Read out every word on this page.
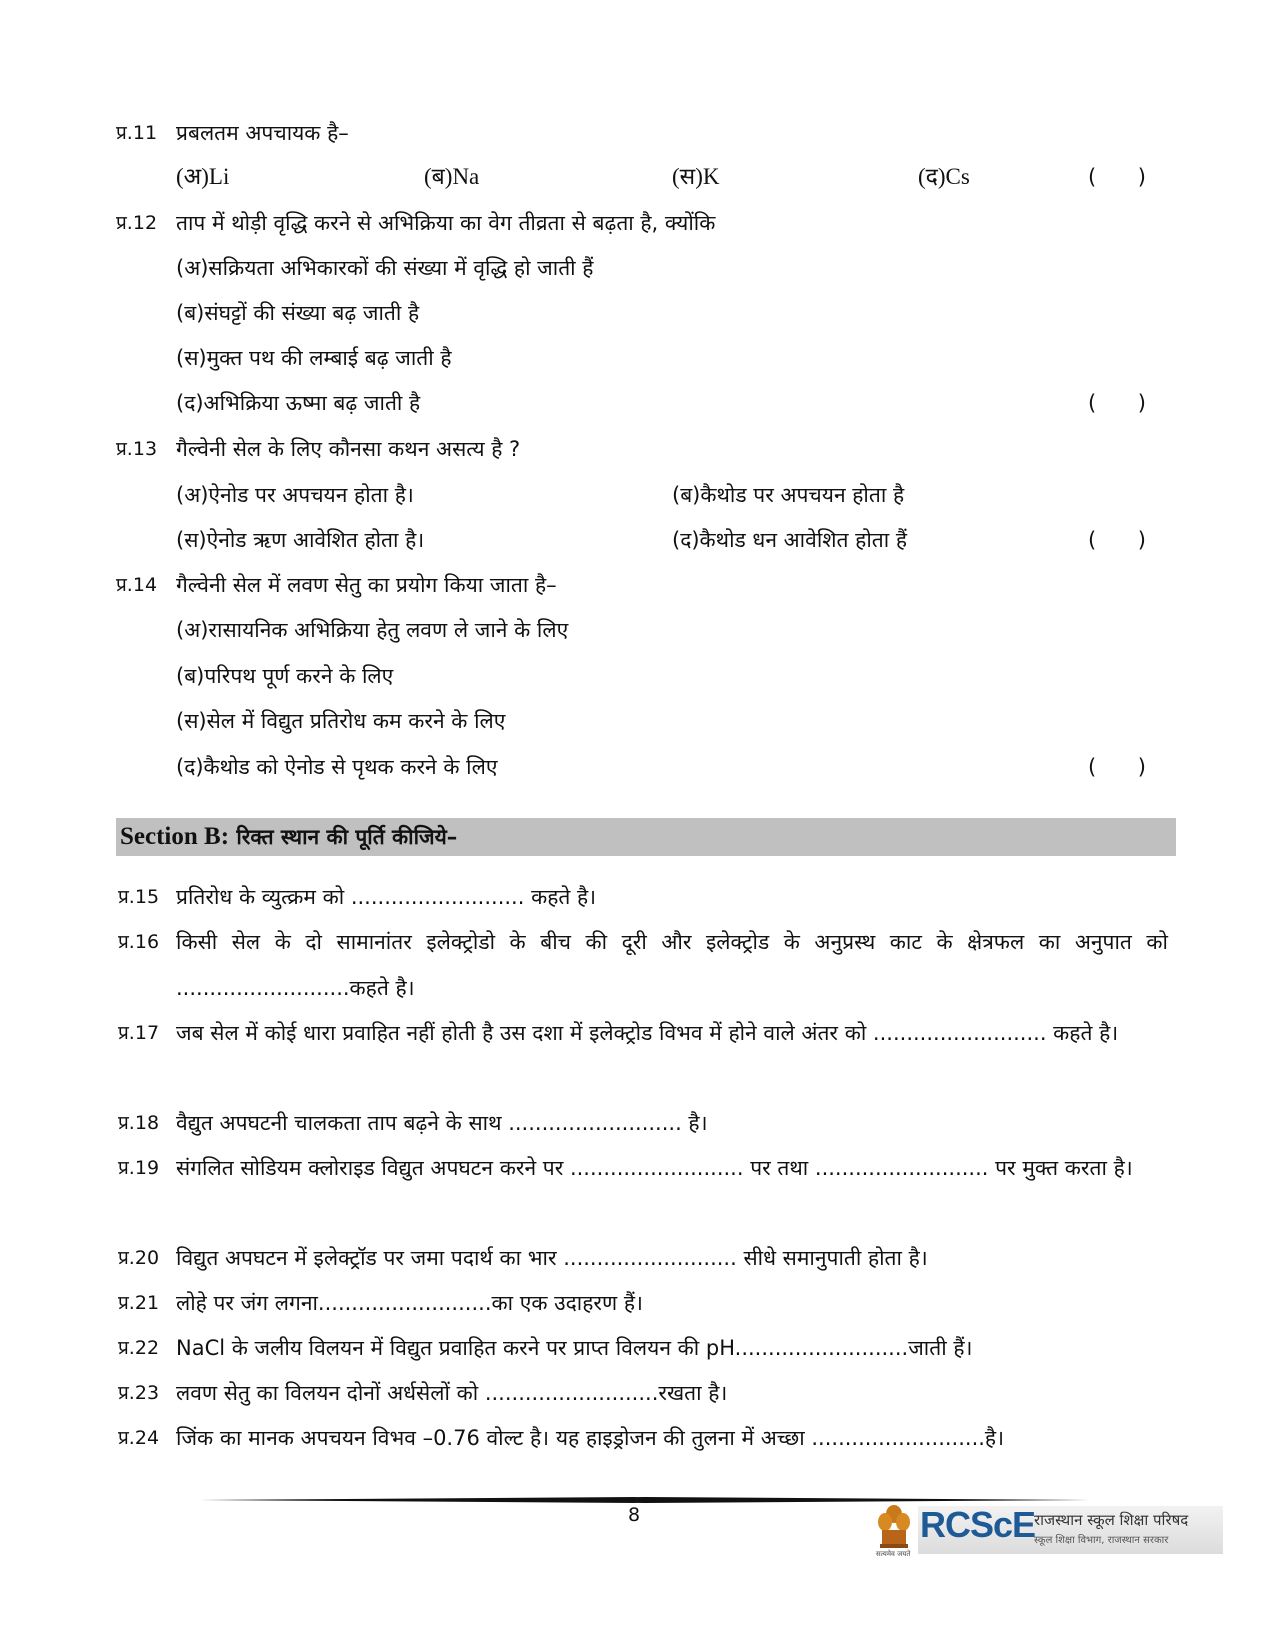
प्र.11 प्रबलतम अपचायक है–
(अ)Li	(ब)Na	(स)K	(द)Cs	( )
प्र.12 ताप में थोड़ी वृद्धि करने से अभिक्रिया का वेग तीव्रता से बढ़ता है, क्योंकि
(अ)सक्रियता अभिकारकों की संख्या में वृद्धि हो जाती हैं
(ब)संघट्टों की संख्या बढ़ जाती है
(स)मुक्त पथ की लम्बाई बढ़ जाती है
(द)अभिक्रिया ऊष्मा बढ़ जाती है	( )
प्र.13 गैल्वेनी सेल के लिए कौनसा कथन असत्य है ?
(अ)ऐनोड पर अपचयन होता है।	(ब)कैथोड पर अपचयन होता है
(स)ऐनोड ऋण आवेशित होता है।	(द)कैथोड धन आवेशित होता हैं	( )
प्र.14 गैल्वेनी सेल में लवण सेतु का प्रयोग किया जाता है–
(अ)रासायनिक अभिक्रिया हेतु लवण ले जाने के लिए
(ब)परिपथ पूर्ण करने के लिए
(स)सेल में विद्युत प्रतिरोध कम करने के लिए
(द)कैथोड को ऐनोड से पृथक करने के लिए	( )
Section B: रिक्त स्थान की पूर्ति कीजिये–
प्र.15 प्रतिरोध के व्युत्क्रम को .......................... कहते है।
प्र.16 किसी सेल के दो सामानांतर इलेक्ट्रोडो के बीच की दूरी और इलेक्ट्रोड के अनुप्रस्थ काट के क्षेत्रफल का अनुपात को ..........................कहते है।
प्र.17 जब सेल में कोई धारा प्रवाहित नहीं होती है उस दशा में इलेक्ट्रोड विभव में होने वाले अंतर को .......................... कहते है।
प्र.18 वैद्युत अपघटनी चालकता ताप बढ़ने के साथ .......................... है।
प्र.19 संगलित सोडियम क्लोराइड विद्युत अपघटन करने पर .......................... पर तथा .......................... पर मुक्त करता है।
प्र.20 विद्युत अपघटन में इलेक्ट्रॉड पर जमा पदार्थ का भार .......................... सीधे समानुपाती होता है।
प्र.21 लोहे पर जंग लगना..........................का एक उदाहरण हैं।
प्र.22 NaCl के जलीय विलयन में विद्युत प्रवाहित करने पर प्राप्त विलयन की pH..........................जाती हैं।
प्र.23 लवण सेतु का विलयन दोनों अर्धसेलों को ..........................रखता है।
प्र.24 जिंक का मानक अपचयन विभव –0.76 वोल्ट है। यह हाइड्रोजन की तुलना में अच्छा ..........................है।
8
सत्यमेव जयते
RCScE
राजस्थान स्कूल शिक्षा परिषद
स्कूल शिक्षा विभाग, राजस्थान सरकार
